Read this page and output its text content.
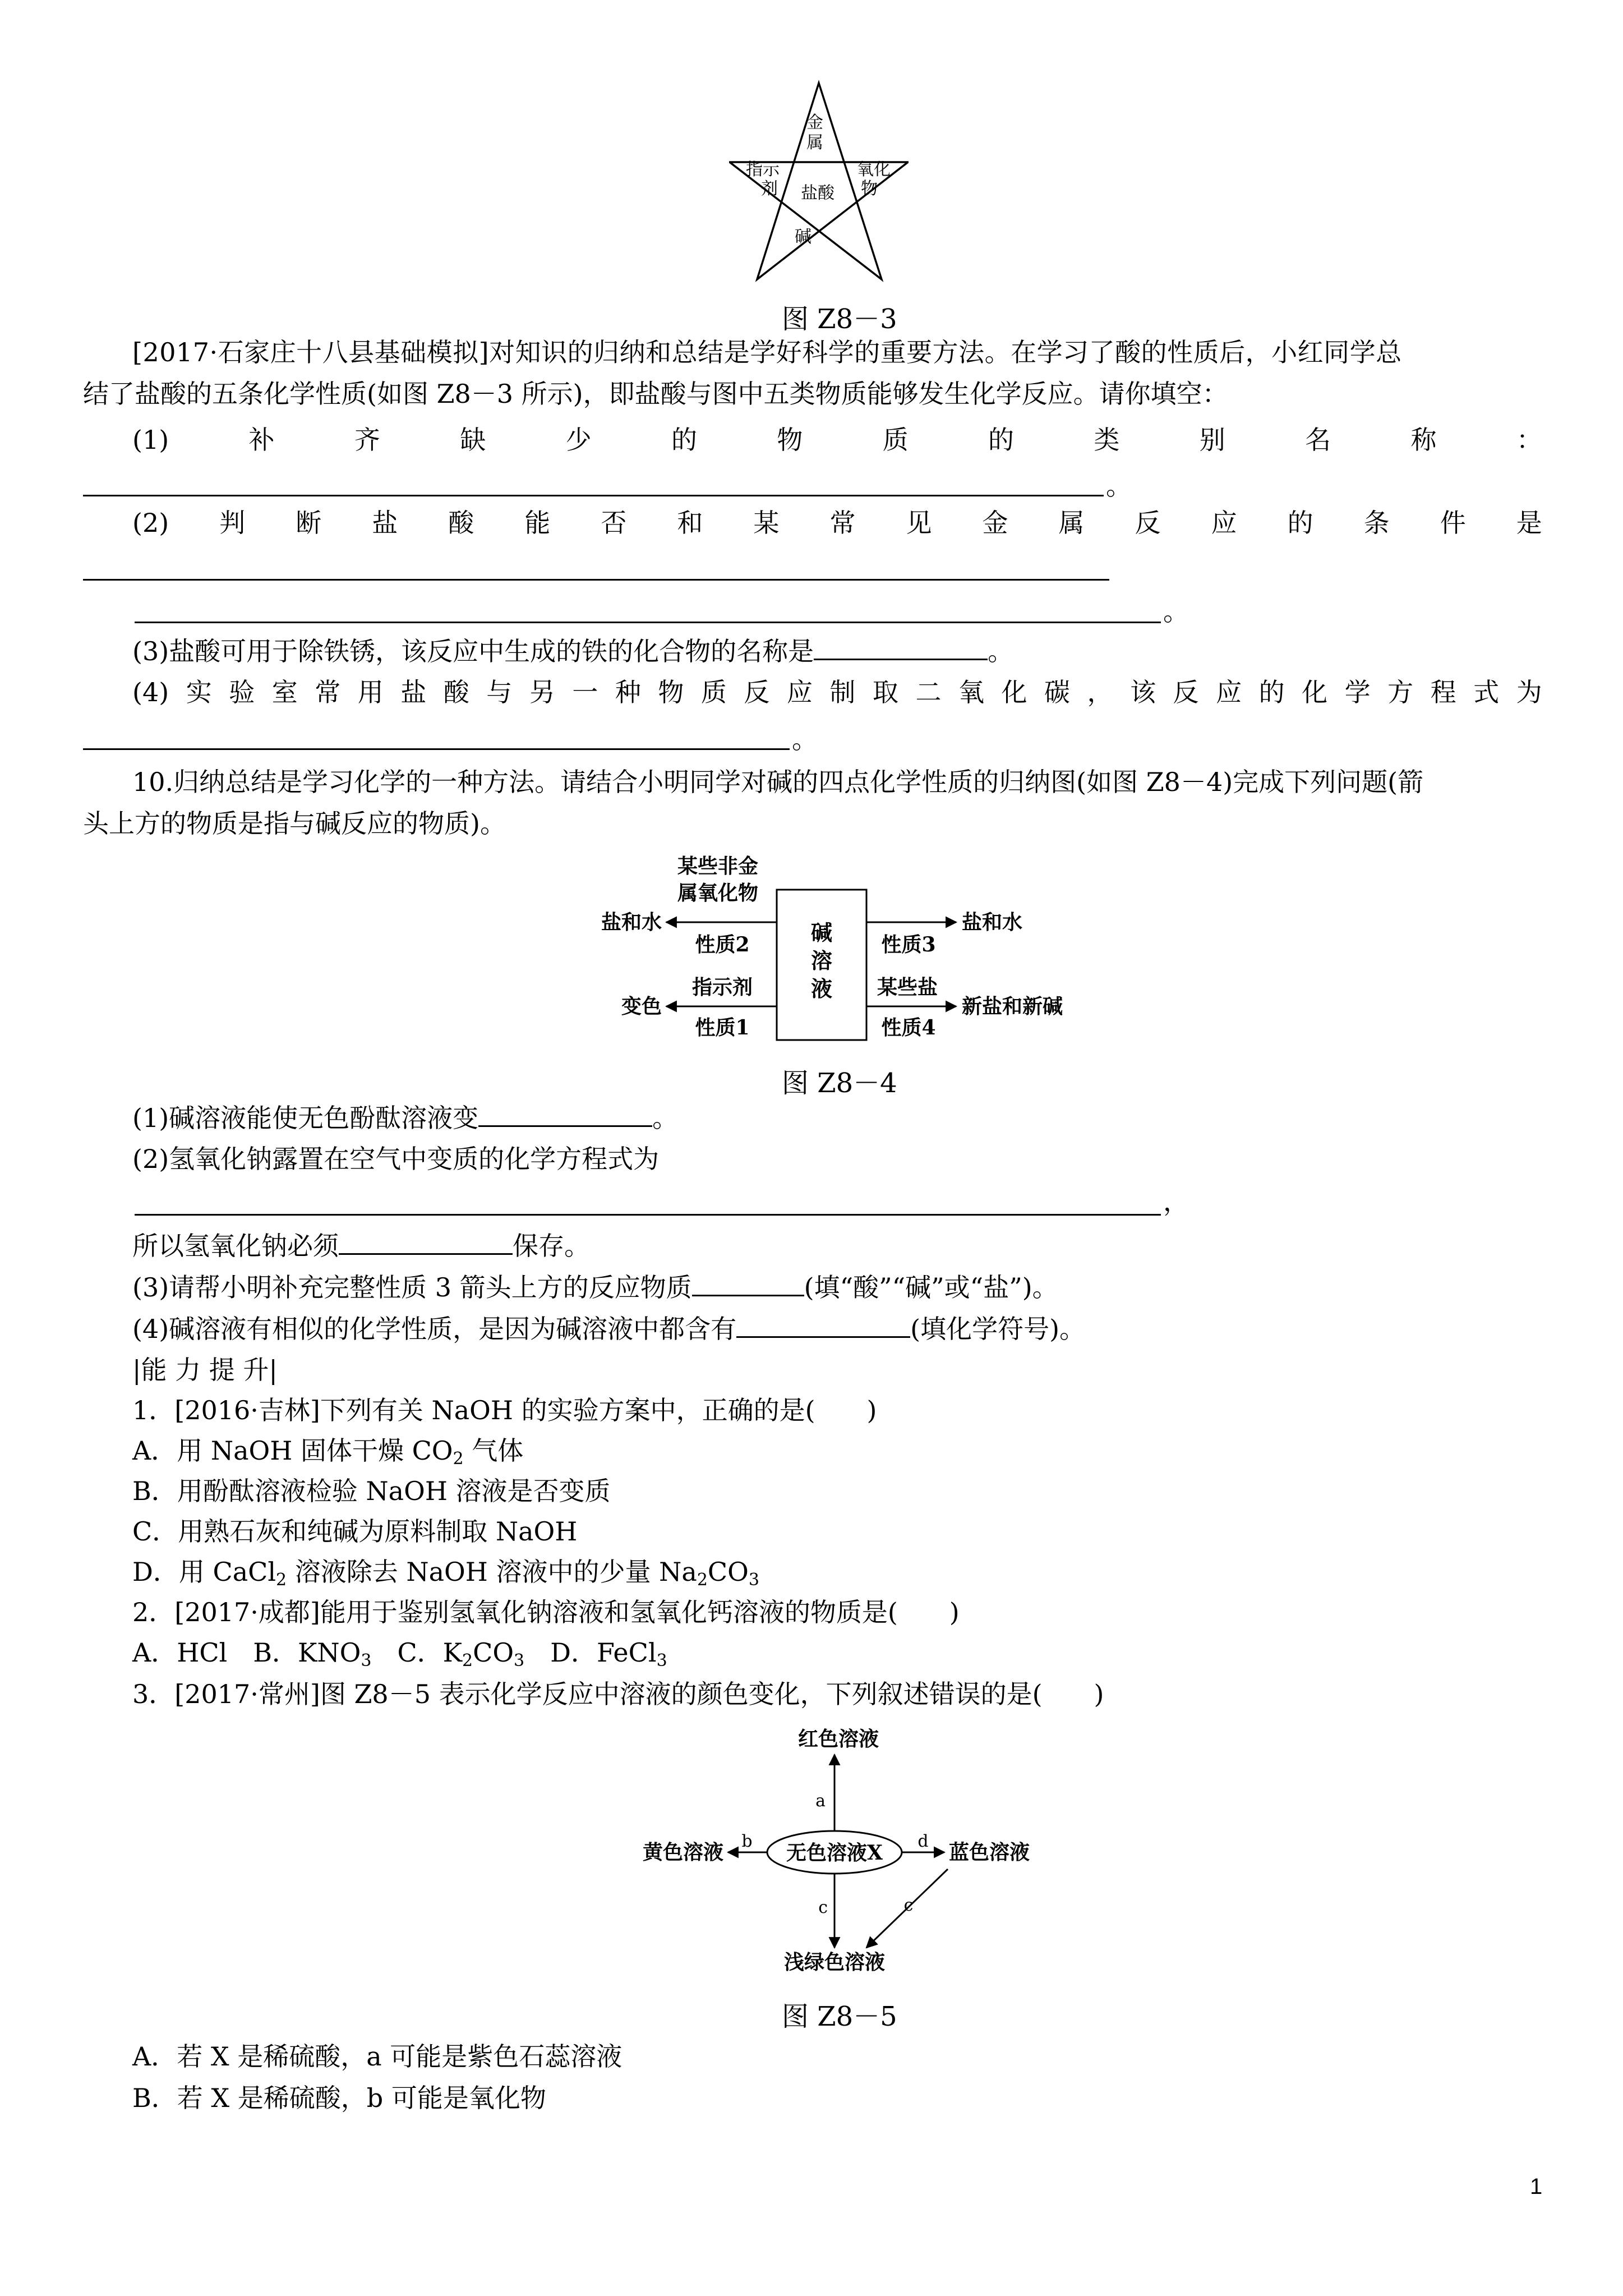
金
属
指示
剂
氧化
物
盐酸
碱
图 Z8－3
[2017·石家庄十八县基础模拟]对知识的归纳和总结是学好科学的重要方法。在学习了酸的性质后，小红同学总
结了盐酸的五条化学性质(如图 Z8－3 所示)，即盐酸与图中五类物质能够发生化学反应。请你填空：
(1)	补	齐	缺	少	的	物	质	的	类	别	名	称	：
。
(2) 判 断 盐 酸 能 否 和 某 常 见 金 属 反 应 的 条 件 是
。
(3)盐酸可用于除铁锈，该反应中生成的铁的化合物的名称是	。
(4) 实 验 室 常 用 盐 酸 与 另 一 种 物 质 反 应 制 取 二 氧 化 碳 ， 该 反 应 的 化 学 方 程 式 为
。
10.归纳总结是学习化学的一种方法。请结合小明同学对碱的四点化学性质的归纳图(如图 Z8－4)完成下列问题(箭
头上方的物质是指与碱反应的物质)。
碱
溶
液
某些非金
属氧化物
盐和水
性质2	性质3
盐和水
指示剂	某些盐
变色
性质1	性质4
新盐和新碱
图 Z8－4
(1)碱溶液能使无色酚酞溶液变	。
(2)氢氧化钠露置在空气中变质的化学方程式为
，
所以氢氧化钠必须	保存。
(3)请帮小明补充完整性质 3 箭头上方的反应物质	(填“酸”“碱”或“盐”)。
(4)碱溶液有相似的化学性质，是因为碱溶液中都含有	(填化学符号)。
|能 力 提 升|
1．[2016·吉林]下列有关 NaOH 的实验方案中，正确的是(　　)
A．用 NaOH 固体干燥 $CO_2$ 气体
B．用酚酞溶液检验 NaOH 溶液是否变质
C．用熟石灰和纯碱为原料制取 NaOH
D．用 CaCl$_2$ 溶液除去 NaOH 溶液中的少量 $Na_2CO_3$
2．[2017·成都]能用于鉴别氢氧化钠溶液和氢氧化钙溶液的物质是(　　)
A．HCl　B．$KNO_3$　C．$K_2CO_3$　D．FeCl$_3$
3．[2017·常州]图 Z8－5 表示化学反应中溶液的颜色变化，下列叙述错误的是(　　)
红色溶液
无色溶液X
黄色溶液	蓝色溶液
浅绿色溶液
a
b	d
c	c
图 Z8－5
A．若 X 是稀硫酸，a 可能是紫色石蕊溶液
B．若 X 是稀硫酸，b 可能是氧化物
1
